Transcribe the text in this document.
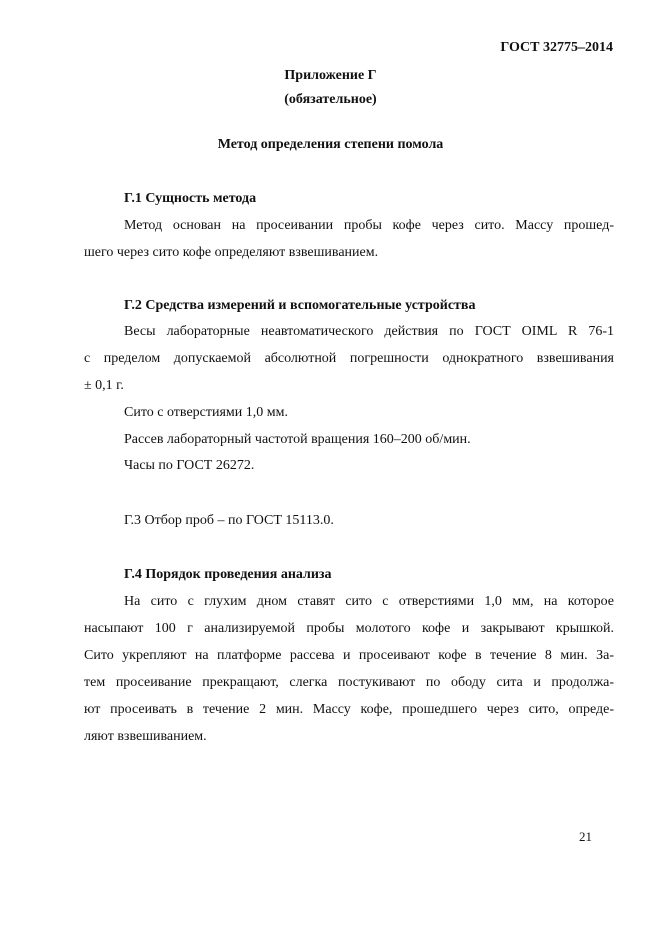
ГОСТ 32775–2014
Приложение Г
(обязательное)
Метод определения степени помола
Г.1 Сущность метода
Метод основан на просеивании пробы кофе через сито. Массу прошед-
шего через сито кофе определяют взвешиванием.
Г.2 Средства измерений и вспомогательные устройства
Весы лабораторные неавтоматического действия по ГОСТ OIML R 76-1
с пределом допускаемой абсолютной погрешности однократного взвешивания
± 0,1 г.
Сито с отверстиями 1,0 мм.
Рассев лабораторный частотой вращения 160–200 об/мин.
Часы по ГОСТ 26272.
Г.3 Отбор проб – по ГОСТ 15113.0.
Г.4 Порядок проведения анализа
На сито с глухим дном ставят сито с отверстиями 1,0 мм, на которое
насыпают 100 г анализируемой пробы молотого кофе и закрывают крышкой.
Сито укрепляют на платформе рассева и просеивают кофе в течение 8 мин. За-
тем просеивание прекращают, слегка постукивают по ободу сита и продолжа-
ют просеивать в течение 2 мин. Массу кофе, прошедшего через сито, опреде-
ляют взвешиванием.
21
